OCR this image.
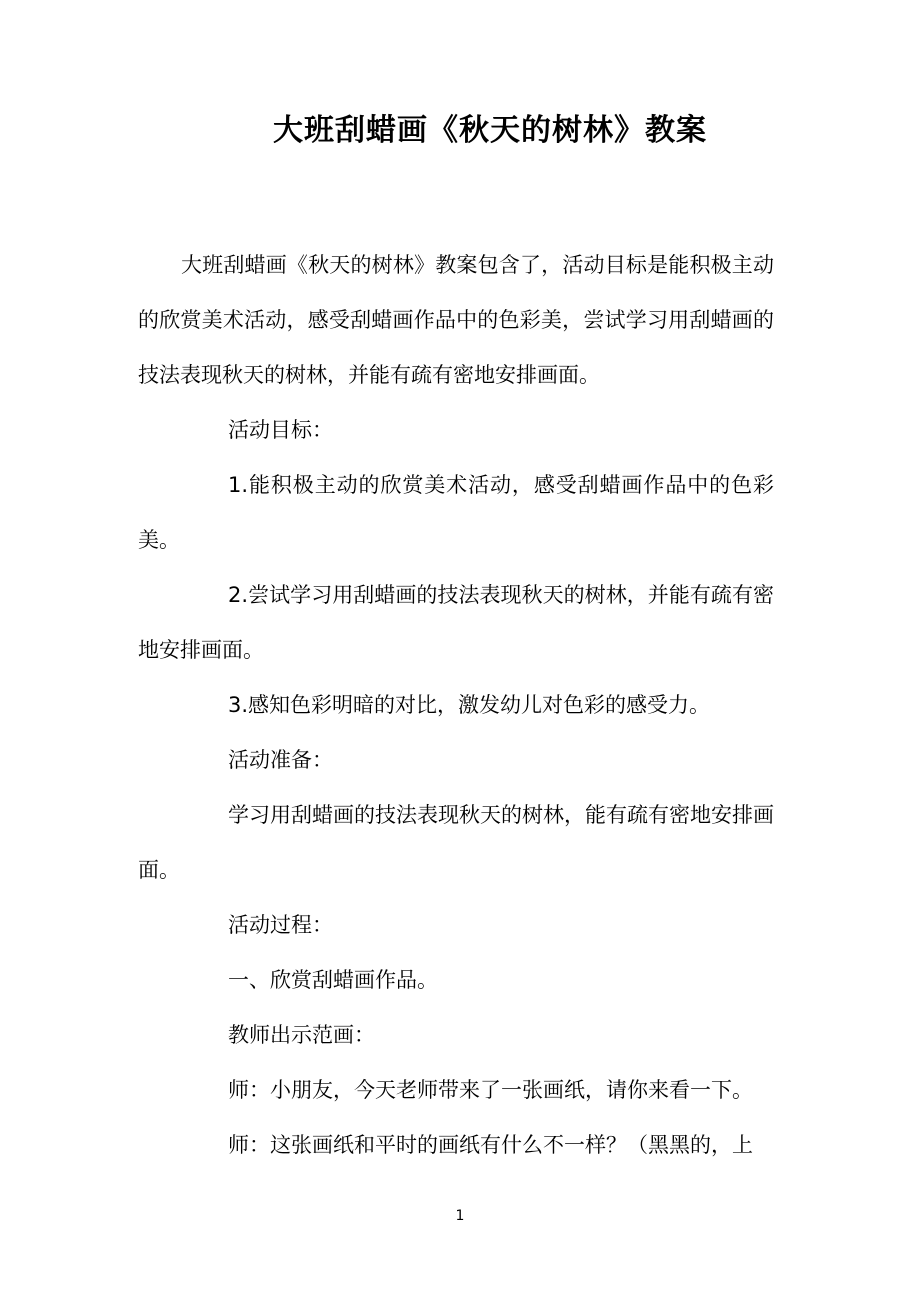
大班刮蜡画《秋天的树林》教案

大班刮蜡画《秋天的树林》教案包含了，活动目标是能积极主动的欣赏美术活动，感受刮蜡画作品中的色彩美，尝试学习用刮蜡画的技法表现秋天的树林，并能有疏有密地安排画面。

活动目标：

1.能积极主动的欣赏美术活动，感受刮蜡画作品中的色彩美。

2.尝试学习用刮蜡画的技法表现秋天的树林，并能有疏有密地安排画面。

3.感知色彩明暗的对比，激发幼儿对色彩的感受力。

活动准备：

学习用刮蜡画的技法表现秋天的树林，能有疏有密地安排画面。

活动过程：

一、欣赏刮蜡画作品。

教师出示范画：

师：小朋友，今天老师带来了一张画纸，请你来看一下。

师：这张画纸和平时的画纸有什么不一样？（黑黑的，上

1
